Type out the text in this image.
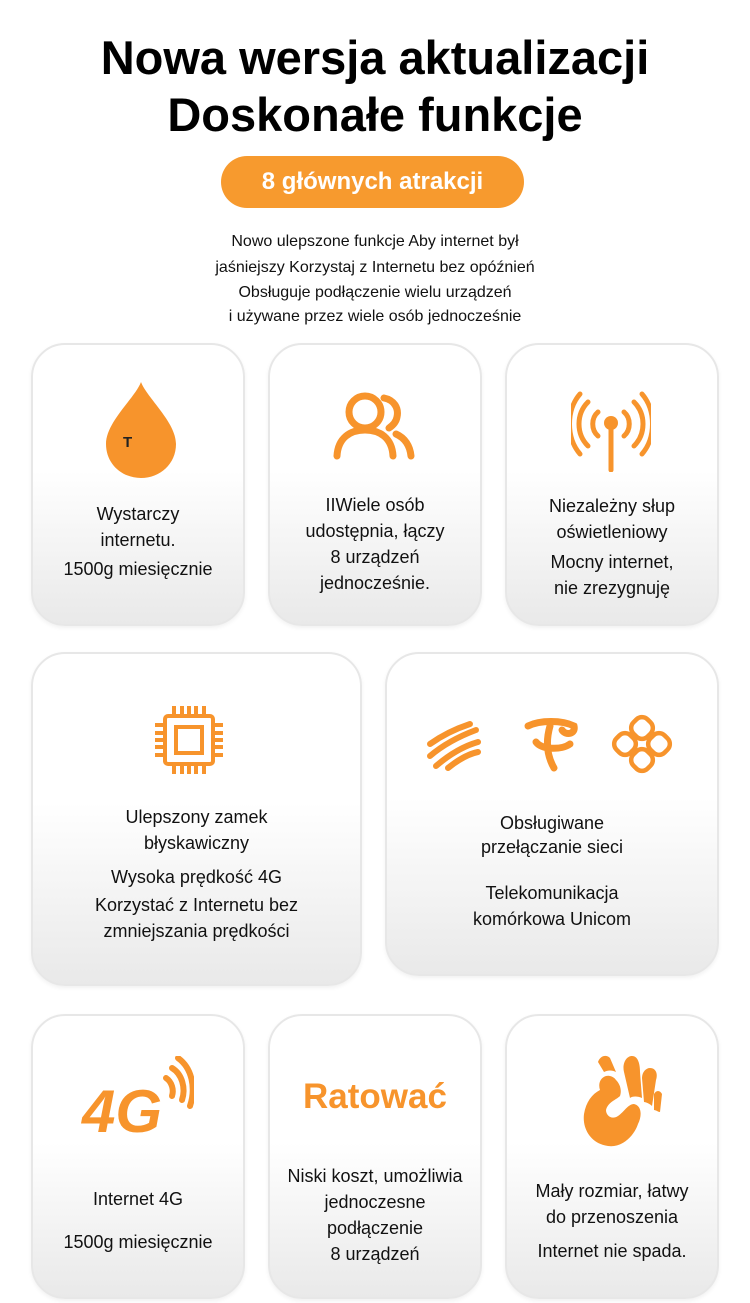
Nowa wersja aktualizacji
Doskonałe funkcje
8 głównych atrakcji
Nowo ulepszone funkcje Aby internet był
jaśniejszy Korzystaj z Internetu bez opóźnień
Obsługuje podłączenie wielu urządzeń
i używane przez wiele osób jednocześnie
T
Wystarczy
internetu.
1500g miesięcznie
IIWiele osób
udostępnia, łączy
8 urządzeń
jednocześnie.
Niezależny słup
oświetleniowy
Mocny internet,
nie zrezygnuję
Ulepszony zamek
błyskawiczny
Wysoka prędkość 4G
Korzystać z Internetu bez
zmniejszania prędkości
Obsługiwane
przełączanie sieci
Telekomunikacja
komórkowa Unicom
4G
Internet 4G
1500g miesięcznie
Ratować
Niski koszt, umożliwia
jednoczesne
podłączenie
8 urządzeń
Mały rozmiar, łatwy
do przenoszenia
Internet nie spada.
